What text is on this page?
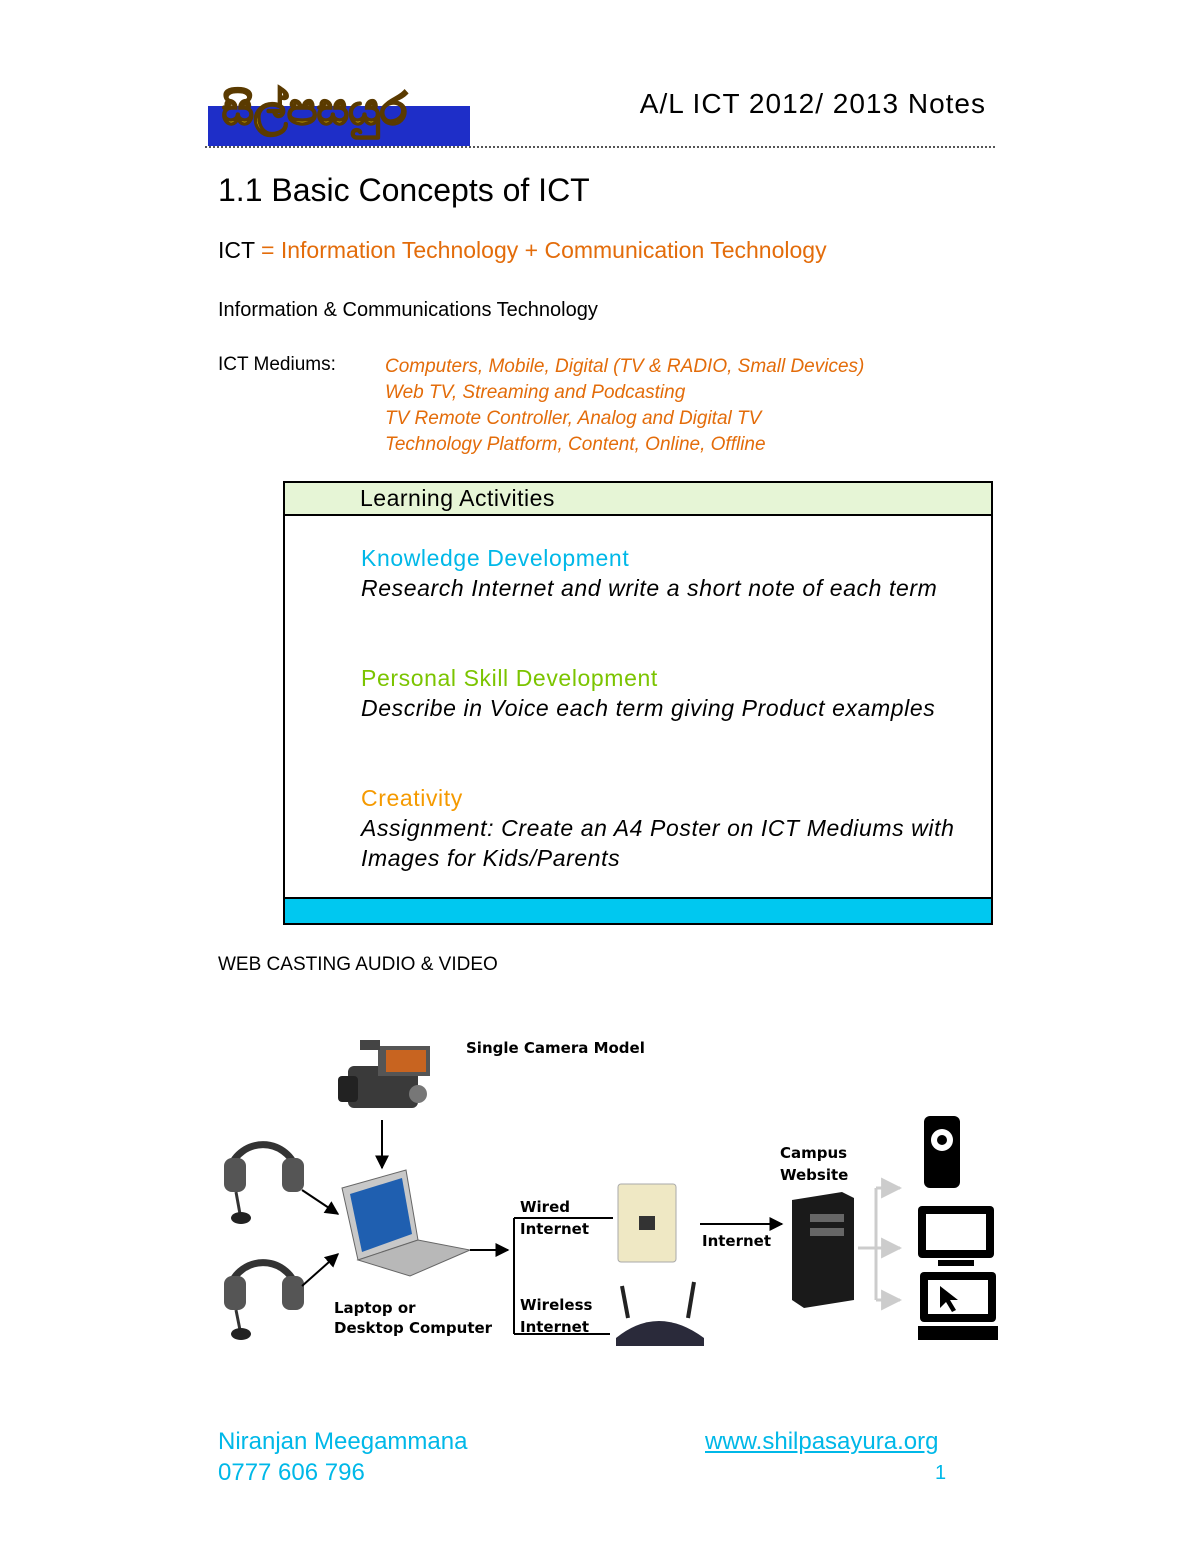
සිල්පසයුර	A/L ICT 2012/ 2013 Notes
1.1 Basic Concepts of ICT
ICT = Information Technology + Communication Technology
Information & Communications Technology
ICT Mediums:	Computers, Mobile, Digital (TV & RADIO, Small Devices)
Web TV, Streaming and Podcasting
TV Remote Controller, Analog and Digital TV
Technology Platform, Content, Online, Offline
Learning Activities
Knowledge Development
Research Internet and write a short note of each term
Personal Skill Development
Describe in Voice each term giving Product examples
Creativity
Assignment: Create an A4 Poster on ICT Mediums with Images for Kids/Parents
WEB CASTING AUDIO & VIDEO
Single Camera Model
Laptop or
Desktop Computer
Wired
Internet
Wireless
Internet
Internet
Campus
Website
Niranjan Meegammana
0777 606 796
www.shilpasayura.org
1
